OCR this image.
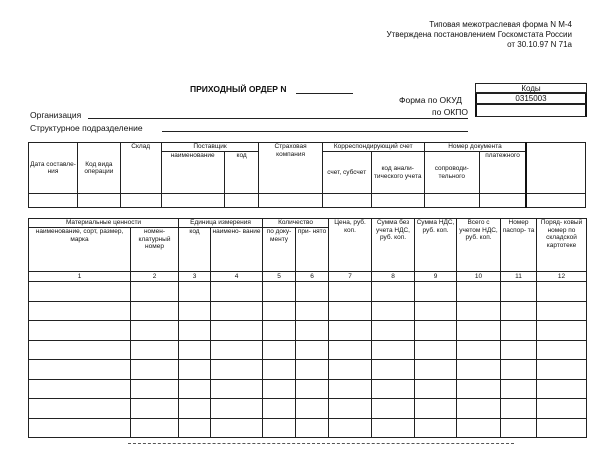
Типовая межотраслевая форма N М-4
Утверждена постановлением Госкомстата России
от 30.10.97 N 71а
ПРИХОДНЫЙ ОРДЕР N	Коды
Форма по ОКУД	0315003
по ОКПО
Организация
Структурное подразделение
Дата составле- ния	Код вида операции	Склад	Поставщик		Страховая компания	Корреспондирующий счет		Номер документа		
			наименование	код		счет, субсчет	код анали- тического учета	сопроводи- тельного	платежного	

Материальные ценности		Единица измерения		Количество		Цена, руб. коп.	Сумма без учета НДС, руб. коп.	Сумма НДС, руб. коп.	Всего с учетом НДС, руб. коп.	Номер паспор- та	Поряд- ковый номер по складской картотеке
наименование, сорт, размер, марка	номен- клатурный номер	код	наимено- вание	по доку- менту	при- нято						
1	2	3	4	5	6	7	8	9	10	11	12
